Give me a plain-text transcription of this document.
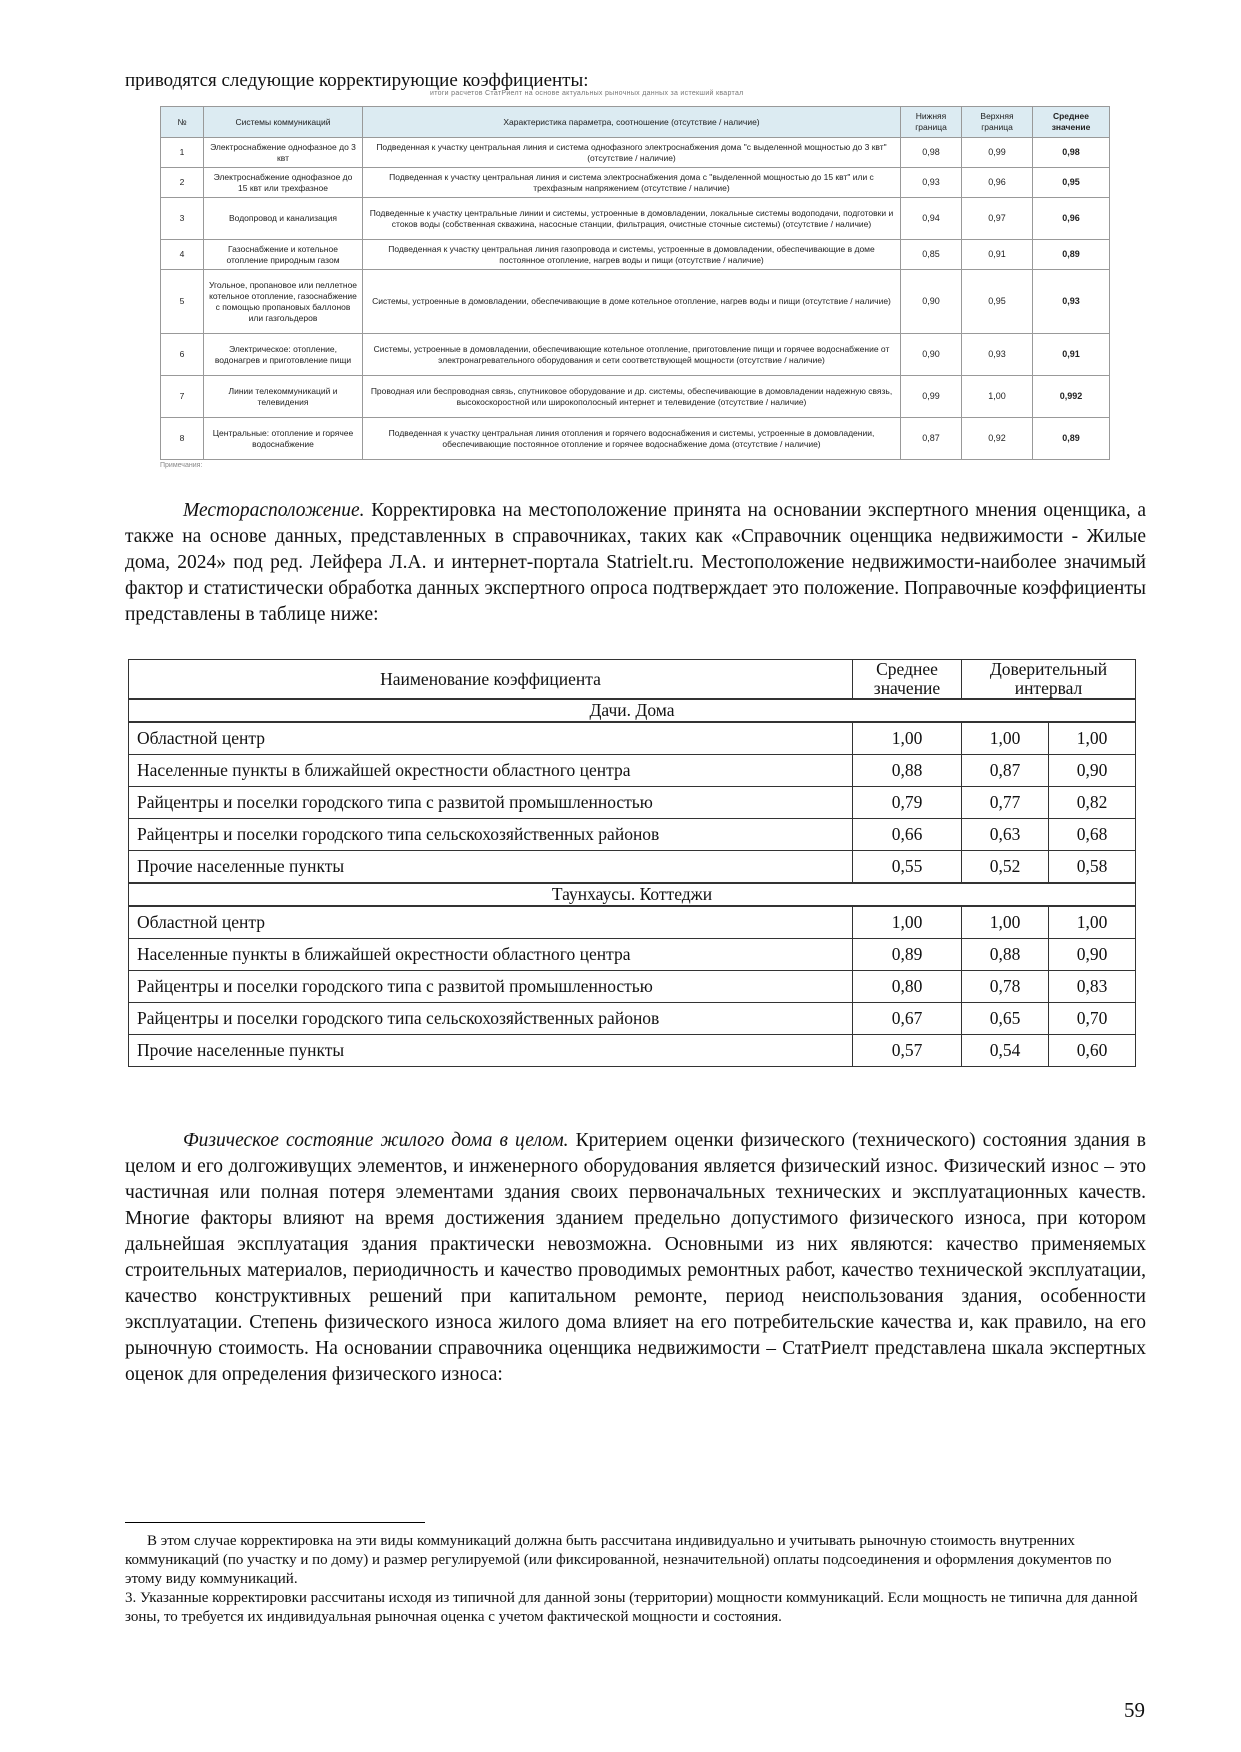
приводятся следующие корректирующие коэффициенты:
итоги расчетов СтатРиелт на основе актуальных рыночных данных за истекший квартал
№	Системы коммуникаций	Характеристика параметра, соотношение (отсутствие / наличие)	Нижняя граница	Верхняя граница	Среднее значение
1	Электроснабжение однофазное до 3 квт	Подведенная к участку центральная линия и система однофазного электроснабжения дома "с выделенной мощностью до 3 квт" (отсутствие / наличие)	0,98	0,99	0,98
2	Электроснабжение однофазное до 15 квт или трехфазное	Подведенная к участку центральная линия и система электроснабжения дома с "выделенной мощностью до 15 квт" или с трехфазным напряжением (отсутствие / наличие)	0,93	0,96	0,95
3	Водопровод и канализация	Подведенные к участку центральные линии и системы, устроенные в домовладении, локальные системы водоподачи, подготовки и стоков воды (собственная скважина, насосные станции, фильтрация, очистные сточные системы) (отсутствие / наличие)	0,94	0,97	0,96
4	Газоснабжение и котельное отопление природным газом	Подведенная к участку центральная линия газопровода и системы, устроенные в домовладении, обеспечивающие в доме постоянное отопление, нагрев воды и пищи (отсутствие / наличие)	0,85	0,91	0,89
5	Угольное, пропановое или пеллетное котельное отопление, газоснабжение с помощью пропановых баллонов или газгольдеров	Системы, устроенные в домовладении, обеспечивающие в доме котельное отопление, нагрев воды и пищи (отсутствие / наличие)	0,90	0,95	0,93
6	Электрическое: отопление, водонагрев и приготовление пищи	Системы, устроенные в домовладении, обеспечивающие котельное отопление, приготовление пищи и горячее водоснабжение от электронагревательного оборудования и сети соответствующей мощности (отсутствие / наличие)	0,90	0,93	0,91
7	Линии телекоммуникаций и телевидения	Проводная или беспроводная связь, спутниковое оборудование и др. системы, обеспечивающие в домовладении надежную связь, высокоскоростной или широкополосный интернет и телевидение (отсутствие / наличие)	0,99	1,00	0,992
8	Центральные: отопление и горячее водоснабжение	Подведенная к участку центральная линия отопления и горячего водоснабжения и системы, устроенные в домовладении, обеспечивающие постоянное отопление и горячее водоснабжение дома (отсутствие / наличие)	0,87	0,92	0,89
Примечания:
Месторасположение. Корректировка на местоположение принята на основании экспертного мнения оценщика, а также на основе данных, представленных в справочниках, таких как «Справочник оценщика недвижимости - Жилые дома, 2024» под ред. Лейфера Л.А. и интернет-портала Statrielt.ru. Местоположение недвижимости-наиболее значимый фактор и статистически обработка данных экспертного опроса подтверждает это положение. Поправочные коэффициенты представлены в таблице ниже:
Наименование коэффициента	Среднее значение	Доверительный интервал	
Дачи. Дома			
Областной центр	1,00	1,00	1,00
Населенные пункты в ближайшей окрестности областного центра	0,88	0,87	0,90
Райцентры и поселки городского типа с развитой промышленностью	0,79	0,77	0,82
Райцентры и поселки городского типа сельскохозяйственных районов	0,66	0,63	0,68
Прочие населенные пункты	0,55	0,52	0,58
Таунхаусы. Коттеджи			
Областной центр	1,00	1,00	1,00
Населенные пункты в ближайшей окрестности областного центра	0,89	0,88	0,90
Райцентры и поселки городского типа с развитой промышленностью	0,80	0,78	0,83
Райцентры и поселки городского типа сельскохозяйственных районов	0,67	0,65	0,70
Прочие населенные пункты	0,57	0,54	0,60
Физическое состояние жилого дома в целом. Критерием оценки физического (технического) состояния здания в целом и его долгоживущих элементов, и инженерного оборудования является физический износ. Физический износ – это частичная или полная потеря элементами здания своих первоначальных технических и эксплуатационных качеств. Многие факторы влияют на время достижения зданием предельно допустимого физического износа, при котором дальнейшая эксплуатация здания практически невозможна. Основными из них являются: качество применяемых строительных материалов, периодичность и качество проводимых ремонтных работ, качество технической эксплуатации, качество конструктивных решений при капитальном ремонте, период неиспользования здания, особенности эксплуатации. Степень физического износа жилого дома влияет на его потребительские качества и, как правило, на его рыночную стоимость. На основании справочника оценщика недвижимости – СтатРиелт представлена шкала экспертных оценок для определения физического износа:

В этом случае корректировка на эти виды коммуникаций должна быть рассчитана индивидуально и учитывать рыночную стоимость внутренних коммуникаций (по участку и по дому) и размер регулируемой (или фиксированной, незначительной) оплаты подсоединения и оформления документов по этому виду коммуникаций.

3. Указанные корректировки рассчитаны исходя из типичной для данной зоны (территории) мощности коммуникаций. Если мощность не типична для данной зоны, то требуется их индивидуальная рыночная оценка с учетом фактической мощности и состояния.

59
